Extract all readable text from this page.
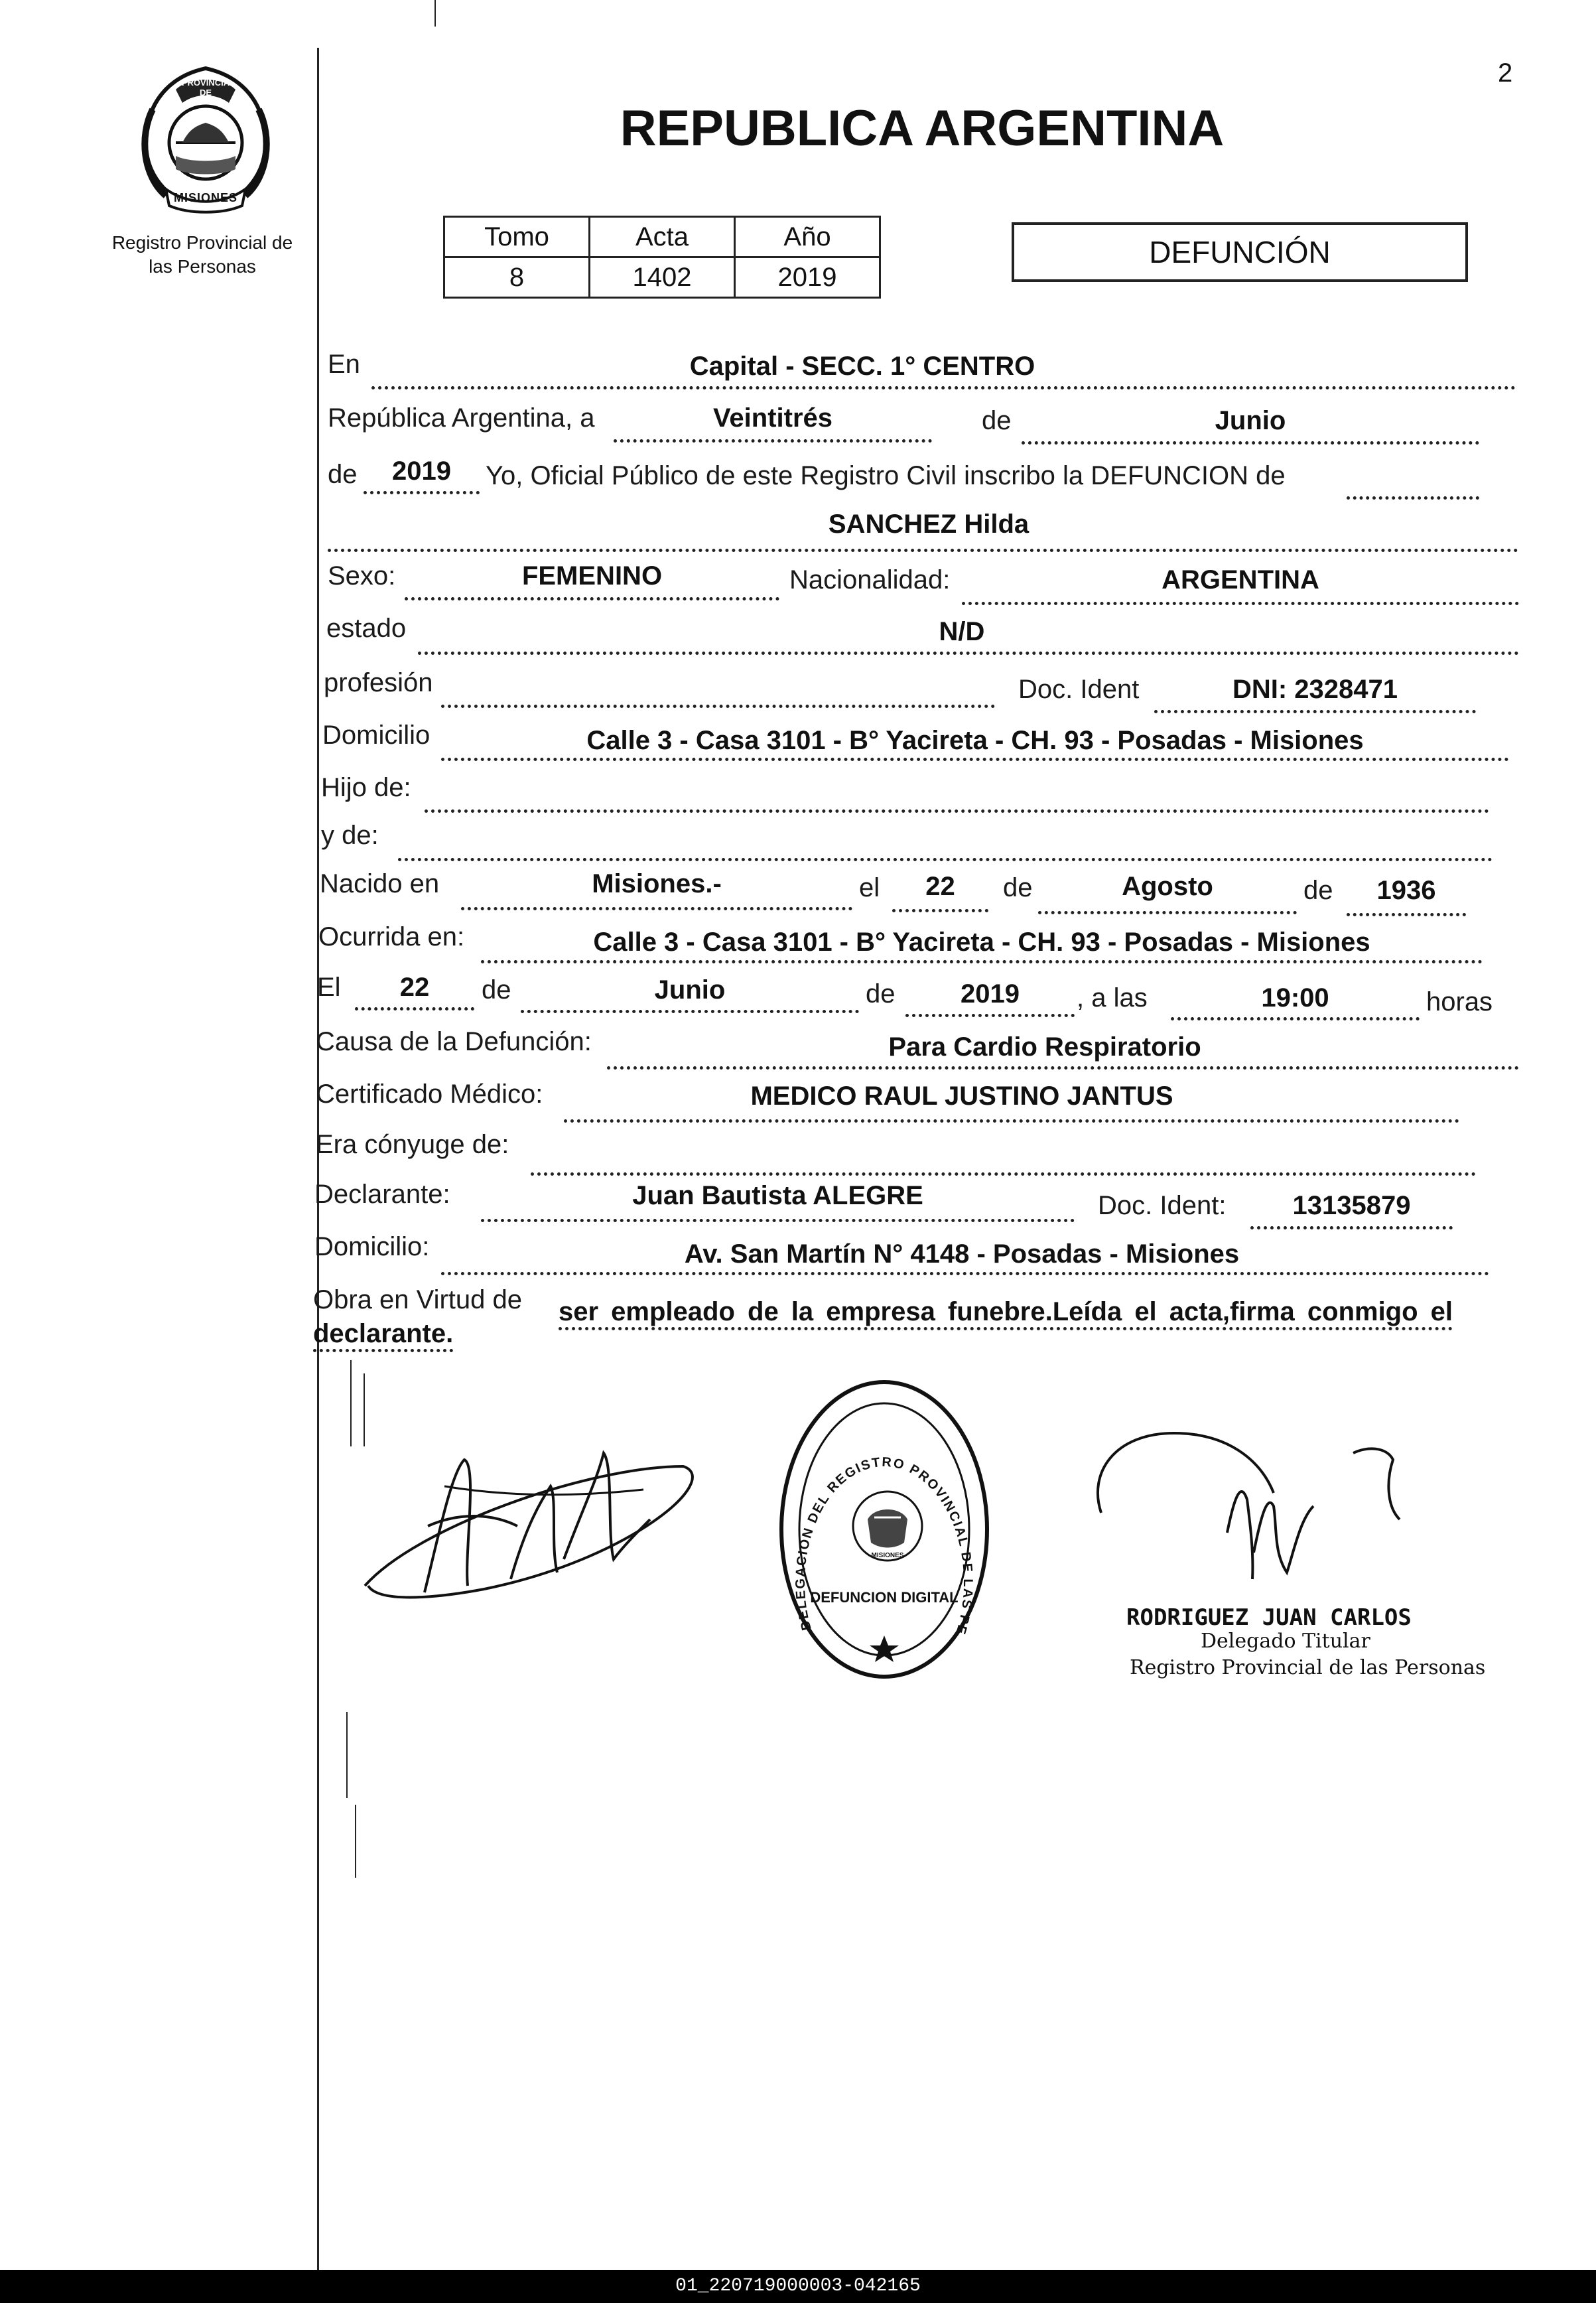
2
PROVINCIA DE
MISIONES
Registro Provincial de
las Personas
REPUBLICA ARGENTINA
Tomo	Acta	Año
8	1402	2019
DEFUNCIÓN
En	Capital - SECC. 1° CENTRO
República Argentina, a	Veintitrés	de	Junio
de	2019	Yo, Oficial Público de este Registro Civil inscribo la DEFUNCION de
SANCHEZ Hilda
Sexo:	FEMENINO	Nacionalidad:	ARGENTINA
estado	N/D
profesión	Doc. Ident	DNI: 2328471
Domicilio	Calle 3 - Casa 3101 - B° Yacireta - CH. 93 - Posadas - Misiones
Hijo de:
y de:
Nacido en	Misiones.-	el	22	de	Agosto	de	1936
Ocurrida en:	Calle 3 - Casa 3101 - B° Yacireta - CH. 93 - Posadas - Misiones
El	22	de	Junio	de	2019	, a las	19:00	horas
Causa de la Defunción:	Para Cardio Respiratorio
Certificado Médico:	MEDICO RAUL JUSTINO JANTUS
Era cónyuge de:
Declarante:	Juan Bautista ALEGRE	Doc. Ident:	13135879
Domicilio:	Av. San Martín N° 4148 - Posadas - Misiones
Obra en Virtud de ser empleado de la empresa funebre.Leída el acta,firma conmigo el
declarante.
DELEGACION DEL REGISTRO PROVINCIAL DE LAS PE
MISIONES
DEFUNCION DIGITAL
RODRIGUEZ JUAN CARLOS
Delegado Titular
Registro Provincial de las Personas
01_220719000003-042165
